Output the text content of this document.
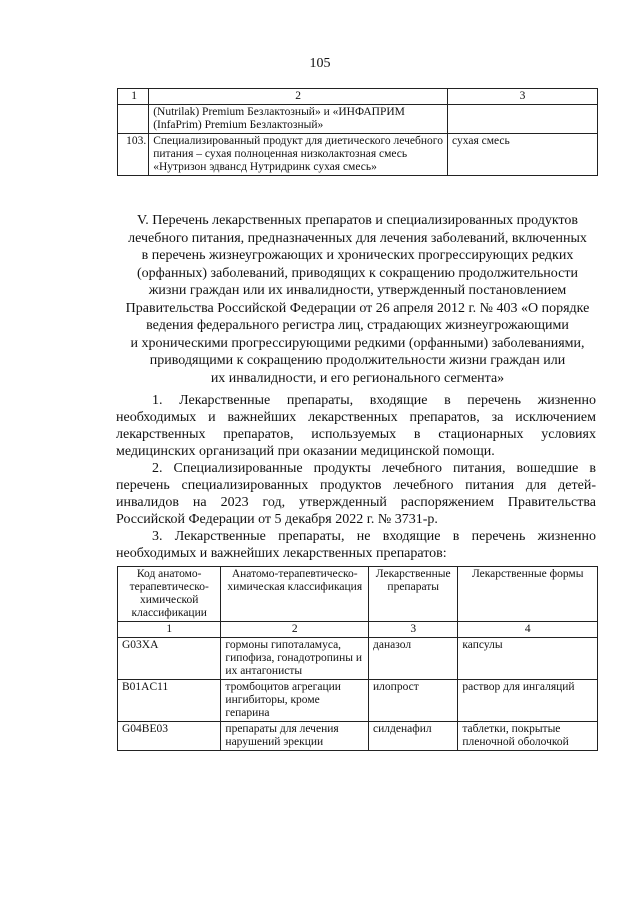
105
1	2	3
	(Nutrilak) Premium Безлактозный» и «ИНФАПРИМ (InfaPrim) Premium Безлактозный»	
103.	Специализированный продукт для диетического лечебного питания – сухая полноценная низколактозная смесь «Нутризон эдвансд Нутридринк сухая смесь»	сухая смесь
V. Перечень лекарственных препаратов и специализированных продуктов
лечебного питания, предназначенных для лечения заболеваний, включенных
в перечень жизнеугрожающих и хронических прогрессирующих редких
(орфанных) заболеваний, приводящих к сокращению продолжительности
жизни граждан или их инвалидности, утвержденный постановлением
Правительства Российской Федерации от 26 апреля 2012 г. № 403 «О порядке
ведения федерального регистра лиц, страдающих жизнеугрожающими
и хроническими прогрессирующими редкими (орфанными) заболеваниями,
приводящими к сокращению продолжительности жизни граждан или
их инвалидности, и его регионального сегмента»
1. Лекарственные препараты, входящие в перечень жизненно
необходимых и важнейших лекарственных препаратов, за исключением
лекарственных препаратов, используемых в стационарных условиях
медицинских организаций при оказании медицинской помощи.
2. Специализированные продукты лечебного питания, вошедшие в
перечень специализированных продуктов лечебного питания для детей-
инвалидов на 2023 год, утвержденный распоряжением Правительства
Российской Федерации от 5 декабря 2022 г. № 3731-р.
3. Лекарственные препараты, не входящие в перечень жизненно
необходимых и важнейших лекарственных препаратов:
Код анатомо-терапевтическо-химической классификации	Анатомо-терапевтическо-химическая классификация	Лекарственные препараты	Лекарственные формы
1	2	3	4
G03XA	гормоны гипоталамуса, гипофиза, гонадотропины и их антагонисты	даназол	капсулы
B01AC11	тромбоцитов агрегации ингибиторы, кроме гепарина	илопрост	раствор для ингаляций
G04BE03	препараты для лечения нарушений эрекции	силденафил	таблетки, покрытые пленочной оболочкой
